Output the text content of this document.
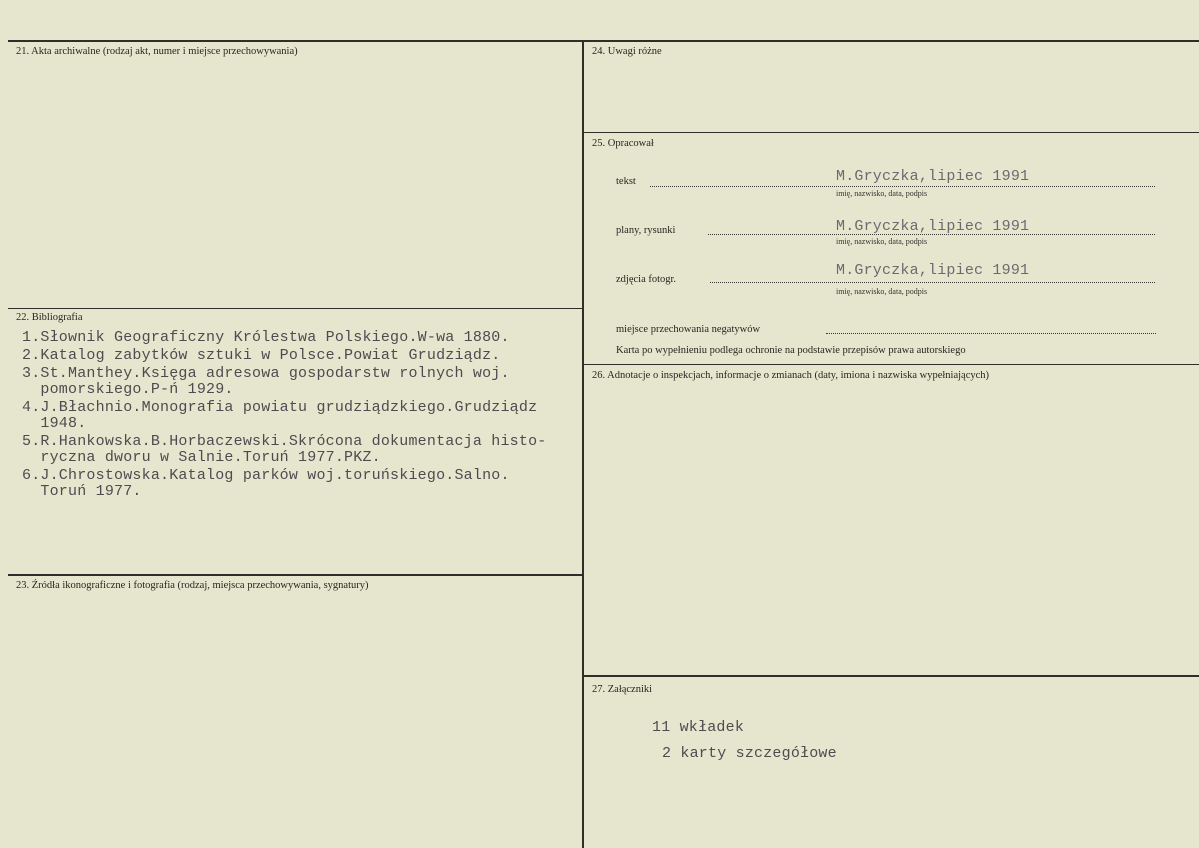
21. Akta archiwalne (rodzaj akt, numer i miejsce przechowywania)
22. Bibliografia
1.Słownik Geograficzny Królestwa Polskiego.W-wa 1880.
2.Katalog zabytków sztuki w Polsce.Powiat Grudziądz.
3.St.Manthey.Księga adresowa gospodarstw rolnych woj.
pomorskiego.P-ń 1929.
4.J.Błachnio.Monografia powiatu grudziądzkiego.Grudziądz
1948.
5.R.Hankowska.B.Horbaczewski.Skrócona dokumentacja histo-
ryczna dworu w Salnie.Toruń 1977.PKZ.
6.J.Chrostowska.Katalog parków woj.toruńskiego.Salno.
Toruń 1977.
23. Źródła ikonograficzne i fotografia (rodzaj, miejsca przechowywania, sygnatury)
24. Uwagi różne
25. Opracował
tekst	M.Gryczka,lipiec 1991
imię, nazwisko, data, podpis
plany, rysunki	M.Gryczka,lipiec 1991
imię, nazwisko, data, podpis
zdjęcia fotogr.
M.Gryczka,lipiec 1991
imię, nazwisko, data, podpis
miejsce przechowania negatywów
Karta po wypełnieniu podlega ochronie na podstawie przepisów prawa autorskiego
26. Adnotacje o inspekcjach, informacje o zmianach (daty, imiona i nazwiska wypełniających)
27. Załączniki
11 wkładek
2 karty szczegółowe
